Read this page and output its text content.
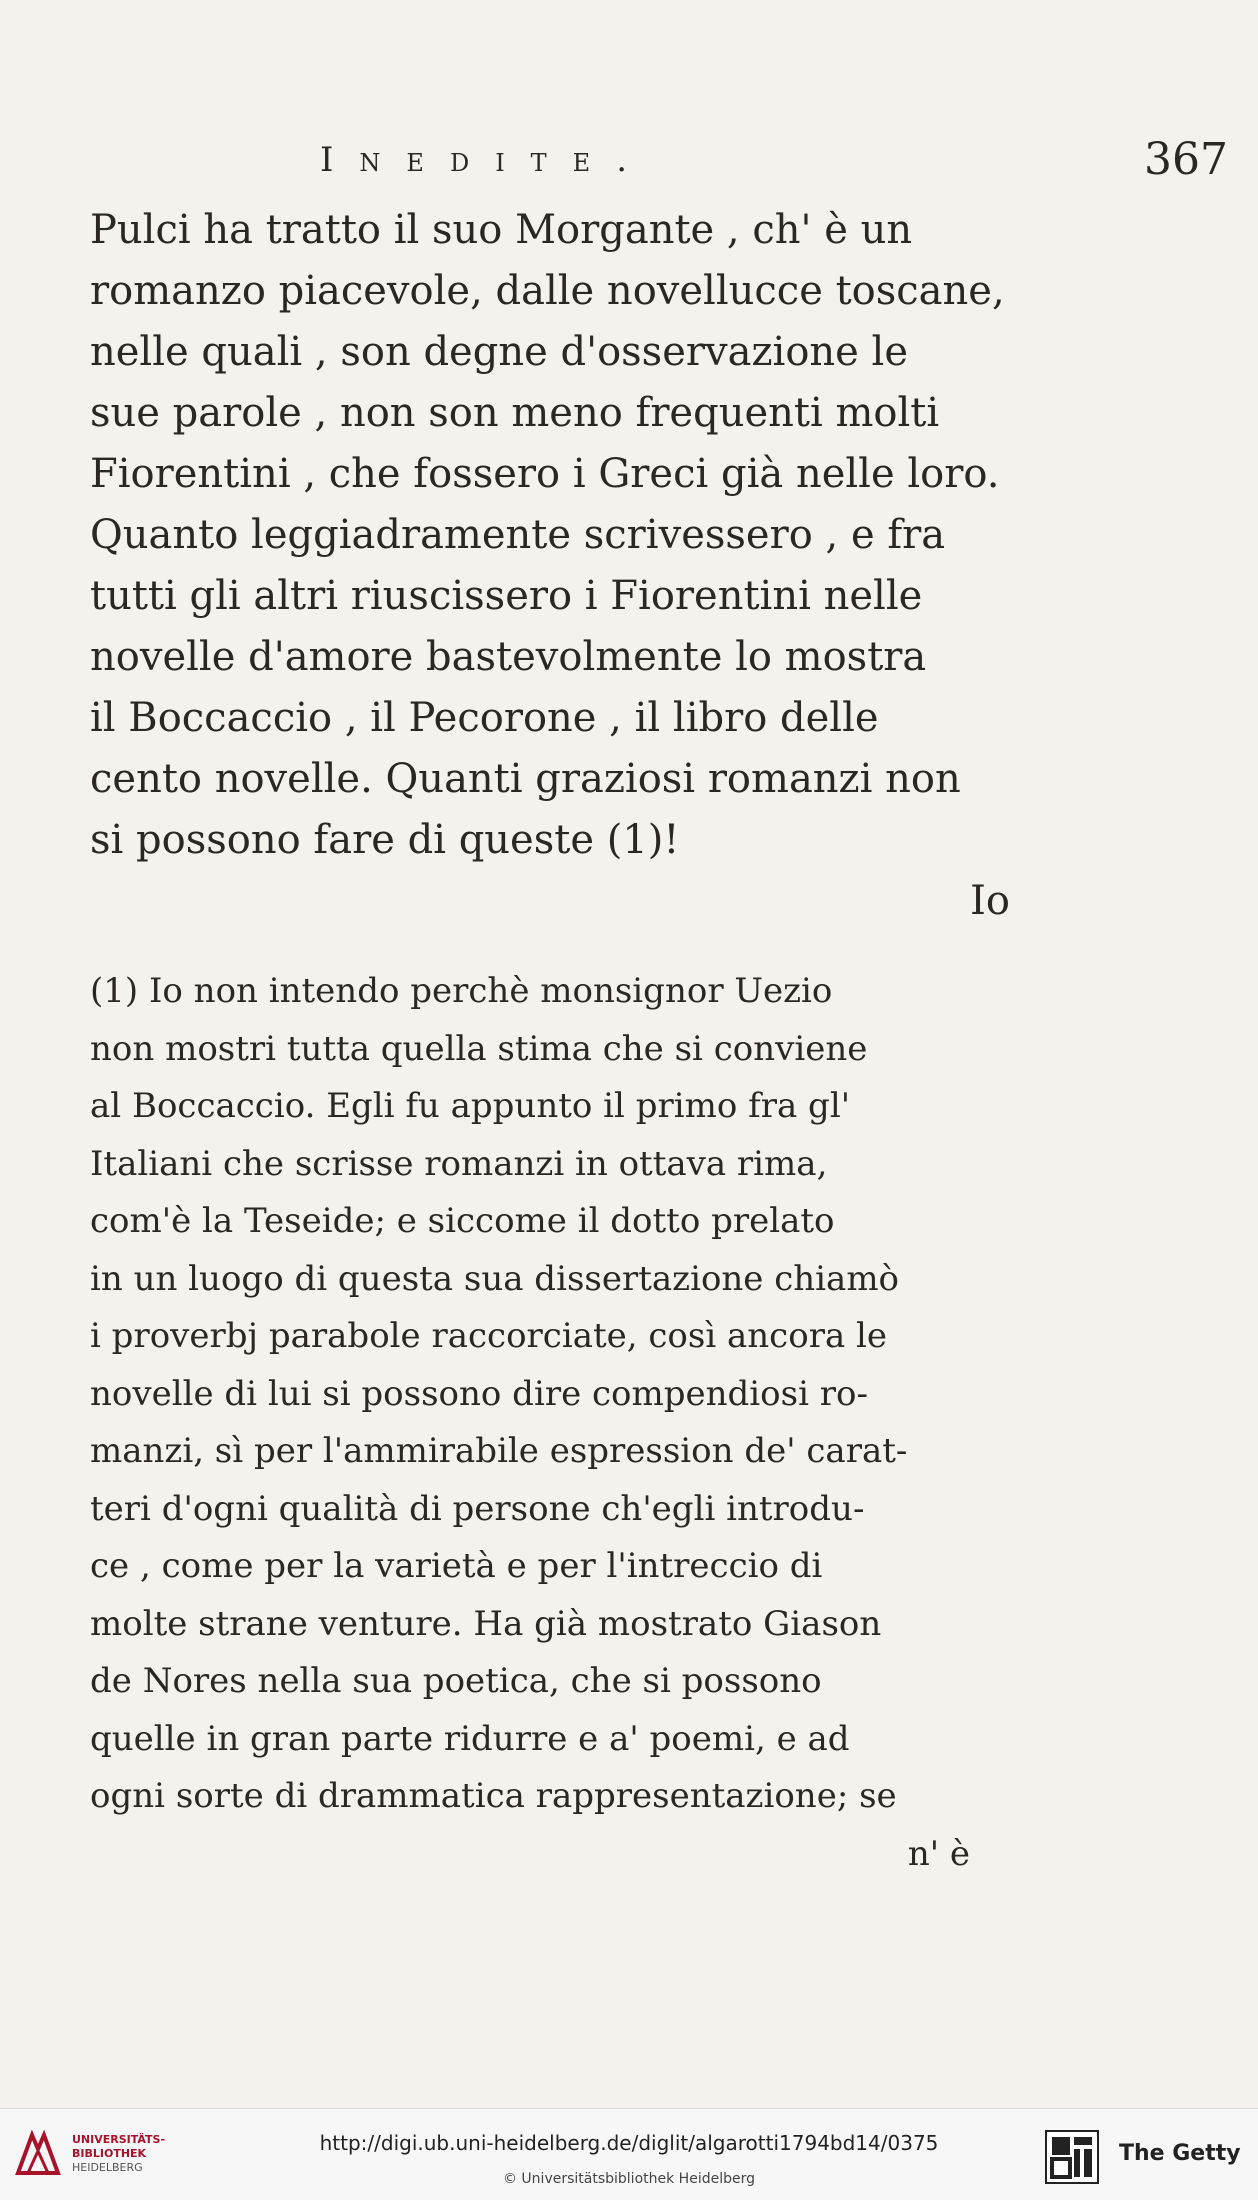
Inedite.	367
Pulci ha tratto il suo Morgante , ch' è un
romanzo piacevole, dalle novellucce toscane,
nelle quali , son degne d'osservazione le
sue parole , non son meno frequenti molti
Fiorentini , che fossero i Greci già nelle loro.
Quanto leggiadramente scrivessero , e fra
tutti gli altri riuscissero i Fiorentini nelle
novelle d'amore bastevolmente lo mostra
il Boccaccio , il Pecorone , il libro delle
cento novelle. Quanti graziosi romanzi non
si possono fare di queste (1)!
Io
(1) Io non intendo perchè monsignor Uezio
non mostri tutta quella stima che si conviene
al Boccaccio. Egli fu appunto il primo fra gl'
Italiani che scrisse romanzi in ottava rima,
com'è la Teseide; e siccome il dotto prelato
in un luogo di questa sua dissertazione chiamò
i proverbj parabole raccorciate, così ancora le
novelle di lui si possono dire compendiosi ro-
manzi, sì per l'ammirabile espression de' carat-
teri d'ogni qualità di persone ch'egli introdu-
ce , come per la varietà e per l'intreccio di
molte strane venture. Ha già mostrato Giason
de Nores nella sua poetica, che si possono
quelle in gran parte ridurre e a' poemi, e ad
ogni sorte di drammatica rappresentazione; se
n' è
UNIVERSITÄTS-
BIBLIOTHEK
HEIDELBERG
http://digi.ub.uni-heidelberg.de/diglit/algarotti1794bd14/0375
© Universitätsbibliothek Heidelberg
The Getty
